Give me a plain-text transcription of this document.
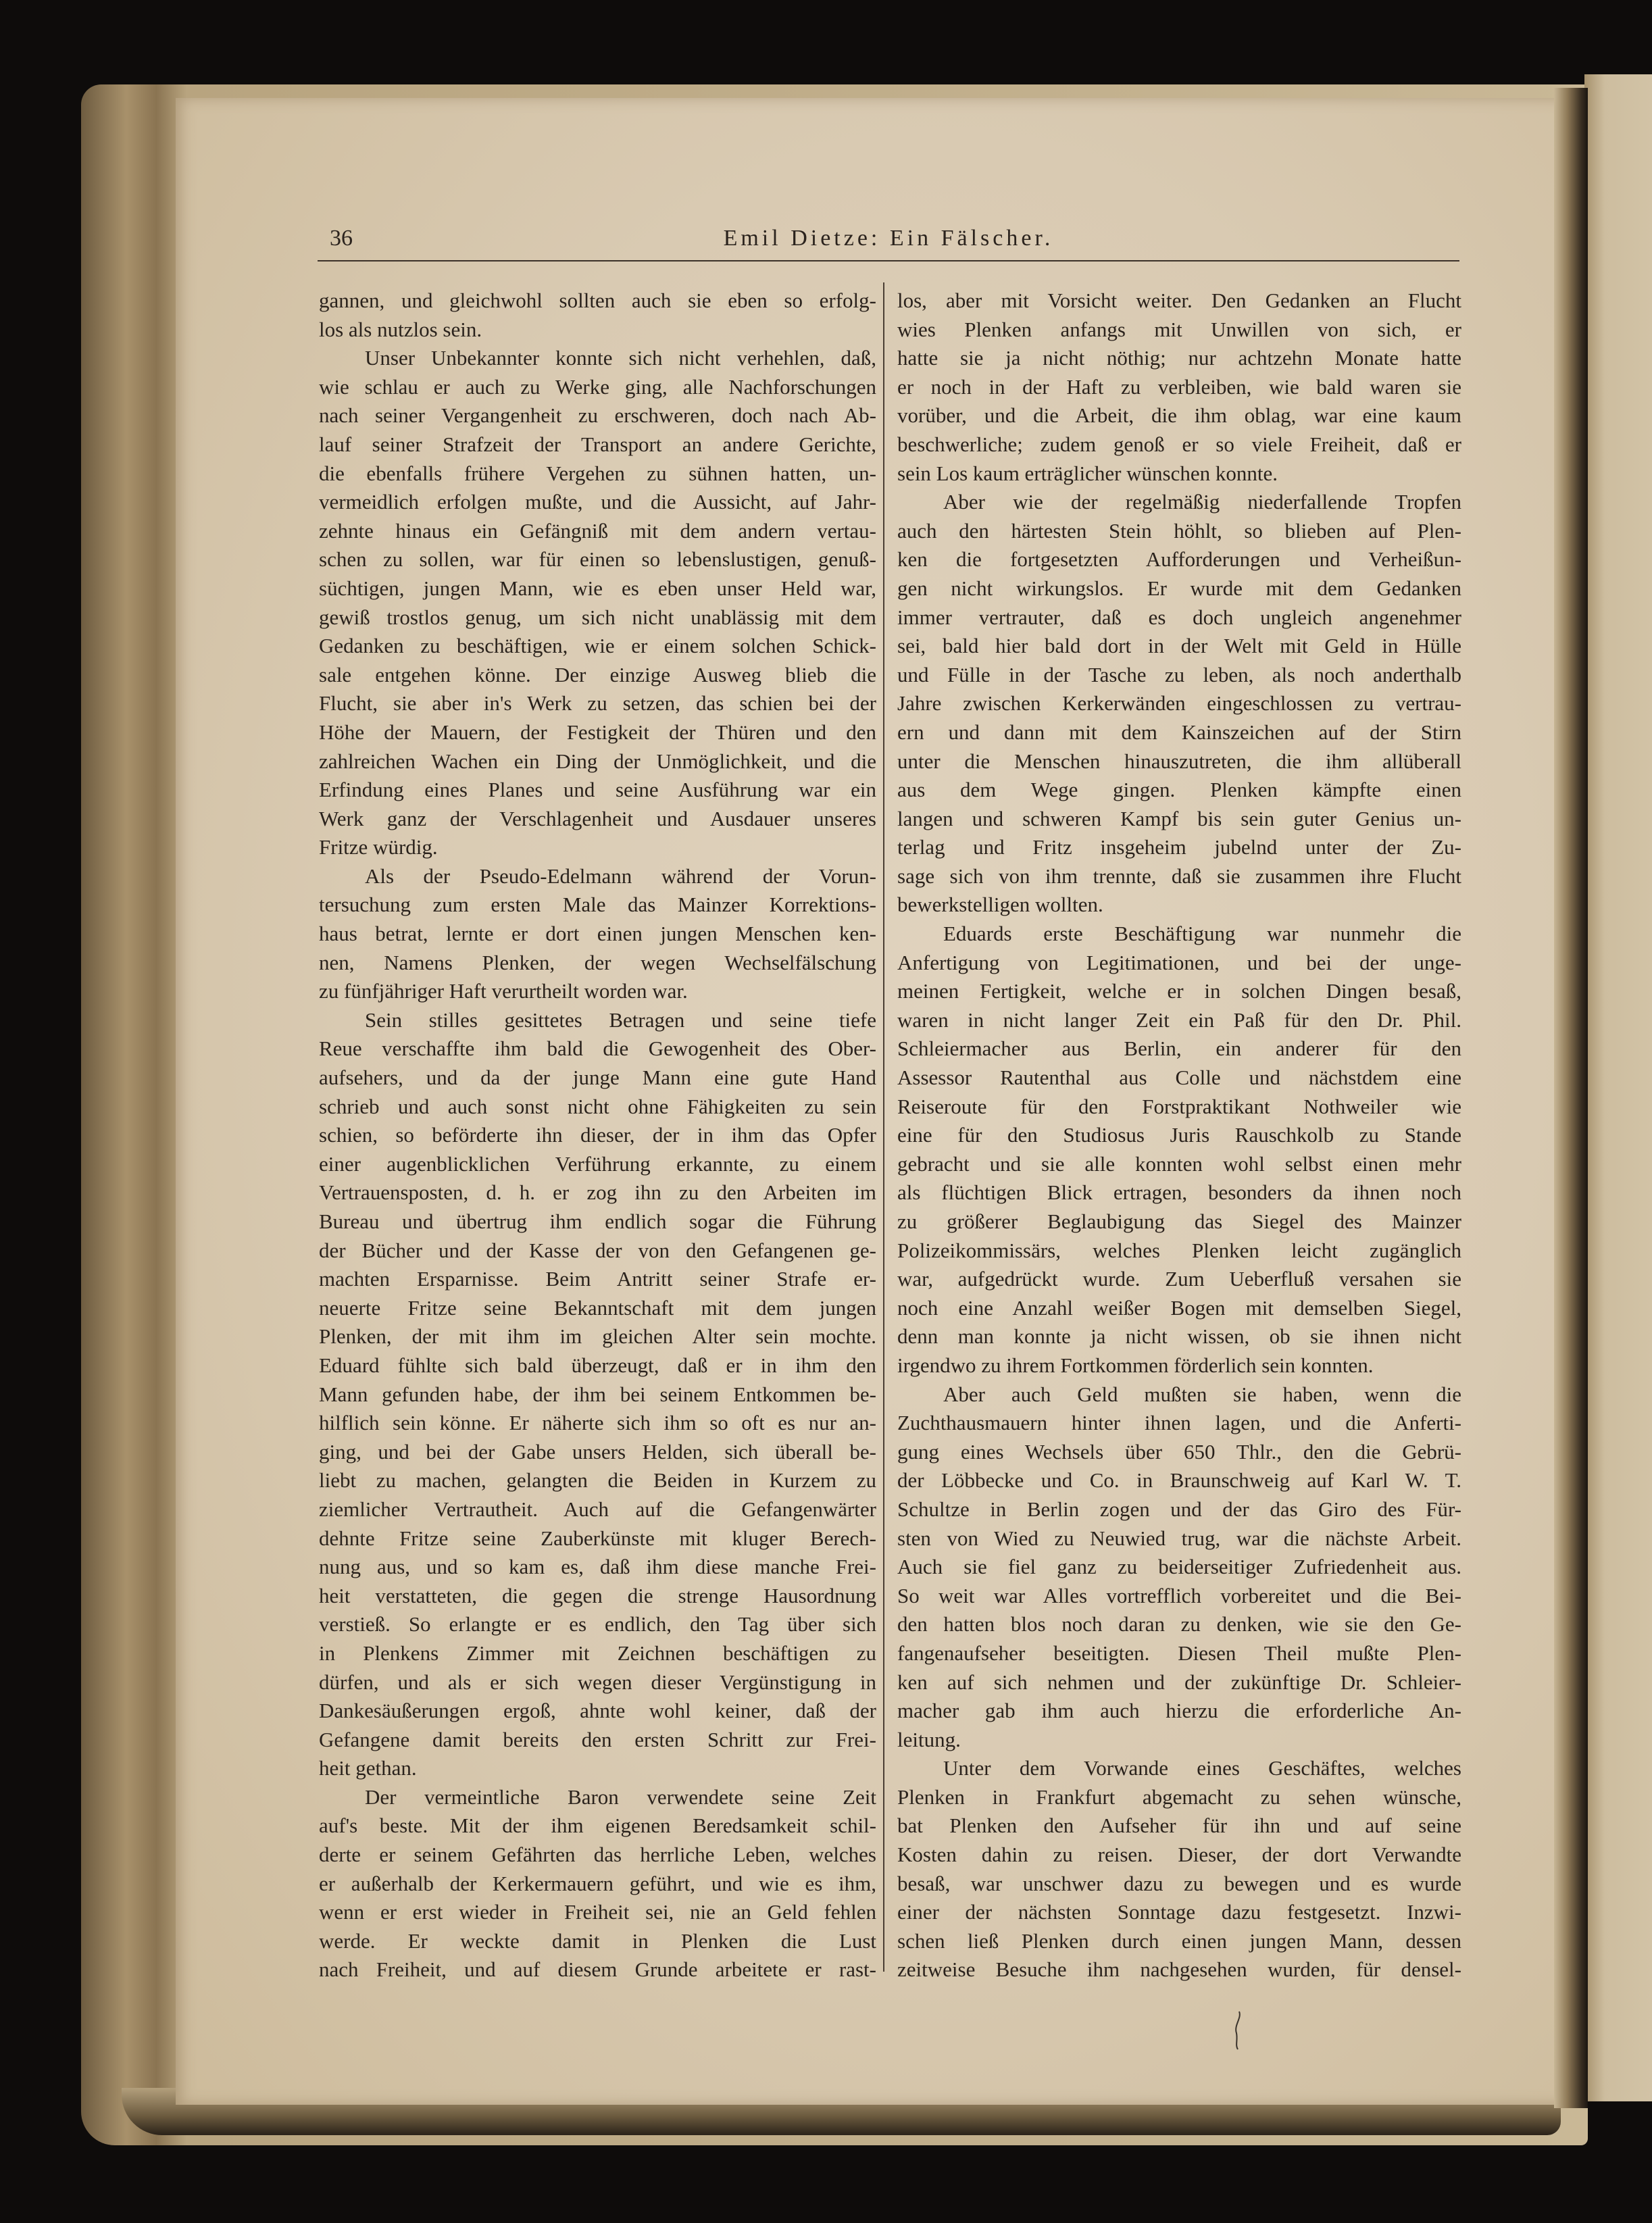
36	Emil Dietze: Ein Fälscher.
gannen, und gleichwohl sollten auch sie eben so erfolg-
los als nutzlos sein.
Unser Unbekannter konnte sich nicht verhehlen, daß,
wie schlau er auch zu Werke ging, alle Nachforschungen
nach seiner Vergangenheit zu erschweren, doch nach Ab-
lauf seiner Strafzeit der Transport an andere Gerichte,
die ebenfalls frühere Vergehen zu sühnen hatten, un-
vermeidlich erfolgen mußte, und die Aussicht, auf Jahr-
zehnte hinaus ein Gefängniß mit dem andern vertau-
schen zu sollen, war für einen so lebenslustigen, genuß-
süchtigen, jungen Mann, wie es eben unser Held war,
gewiß trostlos genug, um sich nicht unablässig mit dem
Gedanken zu beschäftigen, wie er einem solchen Schick-
sale entgehen könne. Der einzige Ausweg blieb die
Flucht, sie aber in's Werk zu setzen, das schien bei der
Höhe der Mauern, der Festigkeit der Thüren und den
zahlreichen Wachen ein Ding der Unmöglichkeit, und die
Erfindung eines Planes und seine Ausführung war ein
Werk ganz der Verschlagenheit und Ausdauer unseres
Fritze würdig.
Als der Pseudo-Edelmann während der Vorun-
tersuchung zum ersten Male das Mainzer Korrektions-
haus betrat, lernte er dort einen jungen Menschen ken-
nen, Namens Plenken, der wegen Wechselfälschung
zu fünfjähriger Haft verurtheilt worden war.
Sein stilles gesittetes Betragen und seine tiefe
Reue verschaffte ihm bald die Gewogenheit des Ober-
aufsehers, und da der junge Mann eine gute Hand
schrieb und auch sonst nicht ohne Fähigkeiten zu sein
schien, so beförderte ihn dieser, der in ihm das Opfer
einer augenblicklichen Verführung erkannte, zu einem
Vertrauensposten, d. h. er zog ihn zu den Arbeiten im
Bureau und übertrug ihm endlich sogar die Führung
der Bücher und der Kasse der von den Gefangenen ge-
machten Ersparnisse. Beim Antritt seiner Strafe er-
neuerte Fritze seine Bekanntschaft mit dem jungen
Plenken, der mit ihm im gleichen Alter sein mochte.
Eduard fühlte sich bald überzeugt, daß er in ihm den
Mann gefunden habe, der ihm bei seinem Entkommen be-
hilflich sein könne. Er näherte sich ihm so oft es nur an-
ging, und bei der Gabe unsers Helden, sich überall be-
liebt zu machen, gelangten die Beiden in Kurzem zu
ziemlicher Vertrautheit. Auch auf die Gefangenwärter
dehnte Fritze seine Zauberkünste mit kluger Berech-
nung aus, und so kam es, daß ihm diese manche Frei-
heit verstatteten, die gegen die strenge Hausordnung
verstieß. So erlangte er es endlich, den Tag über sich
in Plenkens Zimmer mit Zeichnen beschäftigen zu
dürfen, und als er sich wegen dieser Vergünstigung in
Dankesäußerungen ergoß, ahnte wohl keiner, daß der
Gefangene damit bereits den ersten Schritt zur Frei-
heit gethan.
Der vermeintliche Baron verwendete seine Zeit
auf's beste. Mit der ihm eigenen Beredsamkeit schil-
derte er seinem Gefährten das herrliche Leben, welches
er außerhalb der Kerkermauern geführt, und wie es ihm,
wenn er erst wieder in Freiheit sei, nie an Geld fehlen
werde. Er weckte damit in Plenken die Lust
nach Freiheit, und auf diesem Grunde arbeitete er rast-
los, aber mit Vorsicht weiter. Den Gedanken an Flucht
wies Plenken anfangs mit Unwillen von sich, er
hatte sie ja nicht nöthig; nur achtzehn Monate hatte
er noch in der Haft zu verbleiben, wie bald waren sie
vorüber, und die Arbeit, die ihm oblag, war eine kaum
beschwerliche; zudem genoß er so viele Freiheit, daß er
sein Los kaum erträglicher wünschen konnte.
Aber wie der regelmäßig niederfallende Tropfen
auch den härtesten Stein höhlt, so blieben auf Plen-
ken die fortgesetzten Aufforderungen und Verheißun-
gen nicht wirkungslos. Er wurde mit dem Gedanken
immer vertrauter, daß es doch ungleich angenehmer
sei, bald hier bald dort in der Welt mit Geld in Hülle
und Fülle in der Tasche zu leben, als noch anderthalb
Jahre zwischen Kerkerwänden eingeschlossen zu vertrau-
ern und dann mit dem Kainszeichen auf der Stirn
unter die Menschen hinauszutreten, die ihm allüberall
aus dem Wege gingen. Plenken kämpfte einen
langen und schweren Kampf bis sein guter Genius un-
terlag und Fritz insgeheim jubelnd unter der Zu-
sage sich von ihm trennte, daß sie zusammen ihre Flucht
bewerkstelligen wollten.
Eduards erste Beschäftigung war nunmehr die
Anfertigung von Legitimationen, und bei der unge-
meinen Fertigkeit, welche er in solchen Dingen besaß,
waren in nicht langer Zeit ein Paß für den Dr. Phil.
Schleiermacher aus Berlin, ein anderer für den
Assessor Rautenthal aus Colle und nächstdem eine
Reiseroute für den Forstpraktikant Nothweiler wie
eine für den Studiosus Juris Rauschkolb zu Stande
gebracht und sie alle konnten wohl selbst einen mehr
als flüchtigen Blick ertragen, besonders da ihnen noch
zu größerer Beglaubigung das Siegel des Mainzer
Polizeikommissärs, welches Plenken leicht zugänglich
war, aufgedrückt wurde. Zum Ueberfluß versahen sie
noch eine Anzahl weißer Bogen mit demselben Siegel,
denn man konnte ja nicht wissen, ob sie ihnen nicht
irgendwo zu ihrem Fortkommen förderlich sein konnten.
Aber auch Geld mußten sie haben, wenn die
Zuchthausmauern hinter ihnen lagen, und die Anferti-
gung eines Wechsels über 650 Thlr., den die Gebrü-
der Löbbecke und Co. in Braunschweig auf Karl W. T.
Schultze in Berlin zogen und der das Giro des Für-
sten von Wied zu Neuwied trug, war die nächste Arbeit.
Auch sie fiel ganz zu beiderseitiger Zufriedenheit aus.
So weit war Alles vortrefflich vorbereitet und die Bei-
den hatten blos noch daran zu denken, wie sie den Ge-
fangenaufseher beseitigten. Diesen Theil mußte Plen-
ken auf sich nehmen und der zukünftige Dr. Schleier-
macher gab ihm auch hierzu die erforderliche An-
leitung.
Unter dem Vorwande eines Geschäftes, welches
Plenken in Frankfurt abgemacht zu sehen wünsche,
bat Plenken den Aufseher für ihn und auf seine
Kosten dahin zu reisen. Dieser, der dort Verwandte
besaß, war unschwer dazu zu bewegen und es wurde
einer der nächsten Sonntage dazu festgesetzt. Inzwi-
schen ließ Plenken durch einen jungen Mann, dessen
zeitweise Besuche ihm nachgesehen wurden, für densel-
